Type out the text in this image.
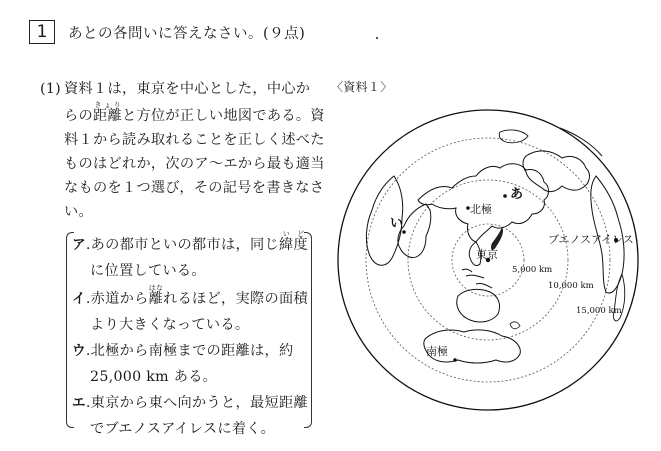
1 あとの各問いに答えなさい。(９点)
(1) 資料１は，東京を中心とした，中心か
らの距離きょりと方位が正しい地図である。資
料１から読み取れることを正しく述べた
ものはどれか，次のア～エから最も適当
なものを１つ選び，その記号を書きなさ
い。
ア.あの都市といの都市は，同じ緯度いど
に位置している。
イ.赤道から離はなれるほど，実際の面積
より大きくなっている。
ウ.北極から南極までの距離は，約
25,000 km ある。
エ.東京から東へ向かうと，最短距離
でブエノスアイレスに着く。
〈資料１〉
東京
北極
南極
ブエノスアイレス
あ
い
5,000 km
10,000 km
15,000 km
